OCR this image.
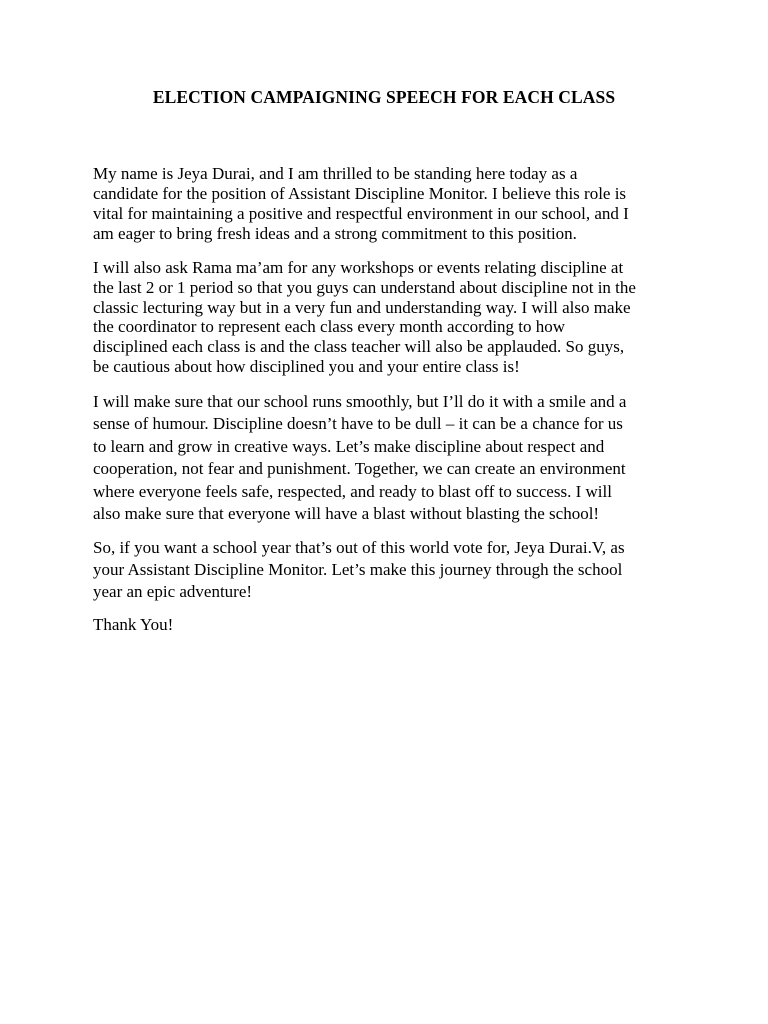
ELECTION CAMPAIGNING SPEECH FOR EACH CLASS

My name is Jeya Durai, and I am thrilled to be standing here today as a
candidate for the position of Assistant Discipline Monitor. I believe this role is
vital for maintaining a positive and respectful environment in our school, and I
am eager to bring fresh ideas and a strong commitment to this position.

I will also ask Rama ma’am for any workshops or events relating discipline at
the last 2 or 1 period so that you guys can understand about discipline not in the
classic lecturing way but in a very fun and understanding way. I will also make
the coordinator to represent each class every month according to how
disciplined each class is and the class teacher will also be applauded. So guys,
be cautious about how disciplined you and your entire class is!

I will make sure that our school runs smoothly, but I’ll do it with a smile and a
sense of humour. Discipline doesn’t have to be dull – it can be a chance for us
to learn and grow in creative ways. Let’s make discipline about respect and
cooperation, not fear and punishment. Together, we can create an environment
where everyone feels safe, respected, and ready to blast off to success. I will
also make sure that everyone will have a blast without blasting the school!

So, if you want a school year that’s out of this world vote for, Jeya Durai.V, as
your Assistant Discipline Monitor. Let’s make this journey through the school
year an epic adventure!

Thank You!
